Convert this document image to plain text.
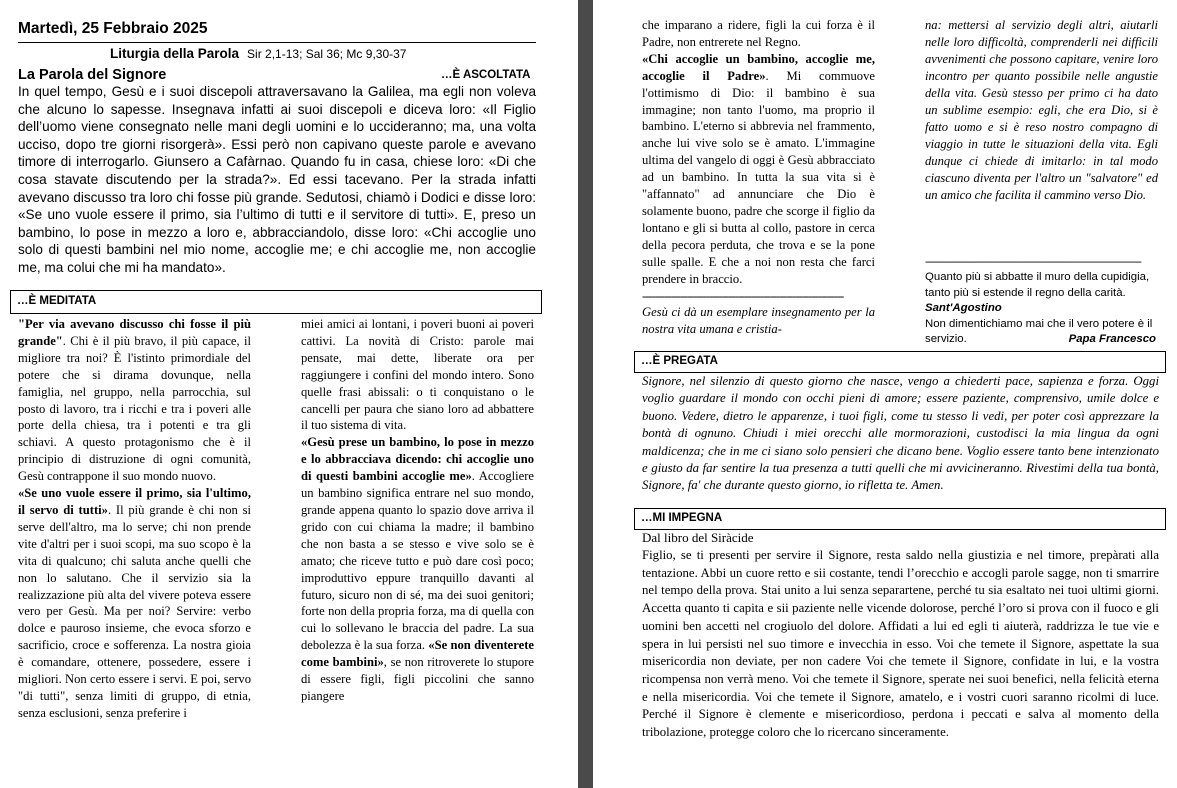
Martedì, 25 Febbraio 2025
Liturgia della Parola Sir 2,1-13; Sal 36; Mc 9,30-37
La Parola del Signore	…È ASCOLTATA
In quel tempo, Gesù e i suoi discepoli attraversavano la Galilea, ma egli non voleva che alcuno lo sapesse. Insegnava infatti ai suoi discepoli e diceva loro: «Il Figlio dell’uomo viene consegnato nelle mani degli uomini e lo uccideranno; ma, una volta ucciso, dopo tre giorni risorgerà». Essi però non capivano queste parole e avevano timore di interrogarlo. Giunsero a Cafàrnao. Quando fu in casa, chiese loro: «Di che cosa stavate discutendo per la strada?». Ed essi tacevano. Per la strada infatti avevano discusso tra loro chi fosse più grande. Sedutosi, chiamò i Dodici e disse loro: «Se uno vuole essere il primo, sia l’ultimo di tutti e il servitore di tutti». E, preso un bambino, lo pose in mezzo a loro e, abbracciandolo, disse loro: «Chi accoglie uno solo di questi bambini nel mio nome, accoglie me; e chi accoglie me, non accoglie me, ma colui che mi ha mandato».
…È MEDITATA

"Per via avevano discusso chi fosse il più grande". Chi è il più bravo, il più capace, il migliore tra noi? È l'istinto primordiale del potere che si dirama dovunque, nella famiglia, nel gruppo, nella parrocchia, sul posto di lavoro, tra i ricchi e tra i poveri alle porte della chiesa, tra i potenti e tra gli schiavi. A questo protagonismo che è il principio di distruzione di ogni comunità, Gesù contrappone il suo mondo nuovo.

«Se uno vuole essere il primo, sia l'ultimo, il servo di tutti». Il più grande è chi non si serve dell'altro, ma lo serve; chi non prende vite d'altri per i suoi scopi, ma suo scopo è la vita di qualcuno; chi saluta anche quelli che non lo salutano. Che il servizio sia la realizzazione più alta del vivere poteva essere vero per Gesù. Ma per noi? Servire: verbo dolce e pauroso insieme, che evoca sforzo e sacrificio, croce e sofferenza. La nostra gioia è comandare, ottenere, possedere, essere i migliori. Non certo essere i servi. E poi, servo "di tutti", senza limiti di gruppo, di etnia, senza esclusioni, senza preferire i

miei amici ai lontani, i poveri buoni ai poveri cattivi. La novità di Cristo: parole mai pensate, mai dette, liberate ora per raggiungere i confini del mondo intero. Sono quelle frasi abissali: o ti conquistano o le cancelli per paura che siano loro ad abbattere il tuo sistema di vita.

«Gesù prese un bambino, lo pose in mezzo e lo abbracciava dicendo: chi accoglie uno di questi bambini accoglie me». Accogliere un bambino significa entrare nel suo mondo, grande appena quanto lo spazio dove arriva il grido con cui chiama la madre; il bambino che non basta a se stesso e vive solo se è amato; che riceve tutto e può dare così poco; improduttivo eppure tranquillo davanti al futuro, sicuro non di sé, ma dei suoi genitori; forte non della propria forza, ma di quella con cui lo sollevano le braccia del padre. La sua debolezza è la sua forza. «Se non diventerete come bambini», se non ritroverete lo stupore di essere figli, figli piccolini che sanno piangere

che imparano a ridere, figli la cui forza è il Padre, non entrerete nel Regno.

«Chi accoglie un bambino, accoglie me, accoglie il Padre». Mi commuove l'ottimismo di Dio: il bambino è sua immagine; non tanto l'uomo, ma proprio il bambino. L'eterno si abbrevia nel frammento, anche lui vive solo se è amato. L'immagine ultima del vangelo di oggi è Gesù abbracciato ad un bambino. In tutta la sua vita si è "affannato" ad annunciare che Dio è solamente buono, padre che scorge il figlio da lontano e gli si butta al collo, pastore in cerca della pecora perduta, che trova e se la pone sulle spalle. E che a noi non resta che farci prendere in braccio.

---------------------------------------------------------------

Gesù ci dà un esemplare insegnamento per la nostra vita umana e cristia-

na: mettersi al servizio degli altri, aiutarli nelle loro difficoltà, comprenderli nei difficili avvenimenti che possono capitare, venire loro incontro per quanto possibile nelle angustie della vita. Gesù stesso per primo ci ha dato un sublime esempio: egli, che era Dio, si è fatto uomo e si è reso nostro compagno di viaggio in tutte le situazioni della vita. Egli dunque ci chiede di imitarlo: in tal modo ciascuno diventa per l'altro un "salvatore" ed un amico che facilita il cammino verso Dio.

------------------------------------------------------------------------

Quanto più si abbatte il muro della cupidigia, tanto più si estende il regno della carità. Sant'Agostino

Non dimentichiamo mai che il vero potere è il servizio.	Papa Francesco

…È PREGATA
Signore, nel silenzio di questo giorno che nasce, vengo a chiederti pace, sapienza e forza. Oggi voglio guardare il mondo con occhi pieni di amore; essere paziente, comprensivo, umile dolce e buono. Vedere, dietro le apparenze, i tuoi figli, come tu stesso li vedi, per poter così apprezzare la bontà di ognuno. Chiudi i miei orecchi alle mormorazioni, custodisci la mia lingua da ogni maldicenza; che in me ci siano solo pensieri che dicano bene. Voglio essere tanto bene intenzionato e giusto da far sentire la tua presenza a tutti quelli che mi avvicineranno. Rivestimi della tua bontà, Signore, fa' che durante questo giorno, io rifletta te. Amen.
…MI IMPEGNA
Dal libro del Siràcide
Figlio, se ti presenti per servire il Signore, resta saldo nella giustizia e nel timore, prepàrati alla tentazione. Abbi un cuore retto e sii costante, tendi l’orecchio e accogli parole sagge, non ti smarrire nel tempo della prova. Stai unito a lui senza separartene, perché tu sia esaltato nei tuoi ultimi giorni. Accetta quanto ti capita e sii paziente nelle vicende dolorose, perché l’oro si prova con il fuoco e gli uomini ben accetti nel crogiuolo del dolore. Affidati a lui ed egli ti aiuterà, raddrizza le tue vie e spera in lui persisti nel suo timore e invecchia in esso. Voi che temete il Signore, aspettate la sua misericordia non deviate, per non cadere Voi che temete il Signore, confidate in lui, e la vostra ricompensa non verrà meno. Voi che temete il Signore, sperate nei suoi benefici, nella felicità eterna e nella misericordia. Voi che temete il Signore, amatelo, e i vostri cuori saranno ricolmi di luce. Perché il Signore è clemente e misericordioso, perdona i peccati e salva al momento della tribolazione, protegge coloro che lo ricercano sinceramente.
